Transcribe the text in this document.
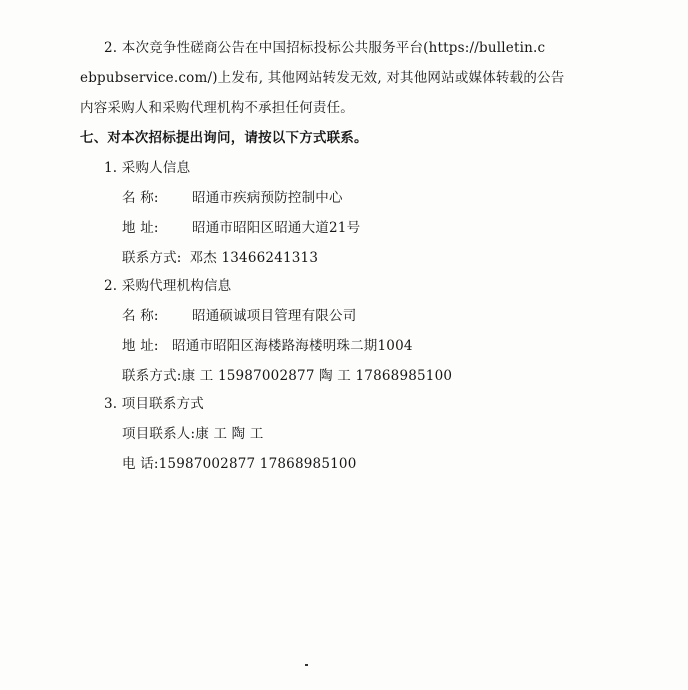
2. 本次竞争性磋商公告在中国招标投标公共服务平台(https://bulletin.c
ebpubservice.com/)上发布, 其他网站转发无效, 对其他网站或媒体转载的公告
内容采购人和采购代理机构不承担任何责任。
七、对本次招标提出询问，请按以下方式联系。
1. 采购人信息
名 称: 昭通市疾病预防控制中心
地 址: 昭通市昭阳区昭通大道21号
联系方式: 邓杰 13466241313
2. 采购代理机构信息
名 称: 昭通硕诚项目管理有限公司
地 址: 昭通市昭阳区海楼路海楼明珠二期1004
联系方式:康 工 15987002877 陶 工 17868985100
3. 项目联系方式
项目联系人:康 工 陶 工
电 话:15987002877 17868985100
